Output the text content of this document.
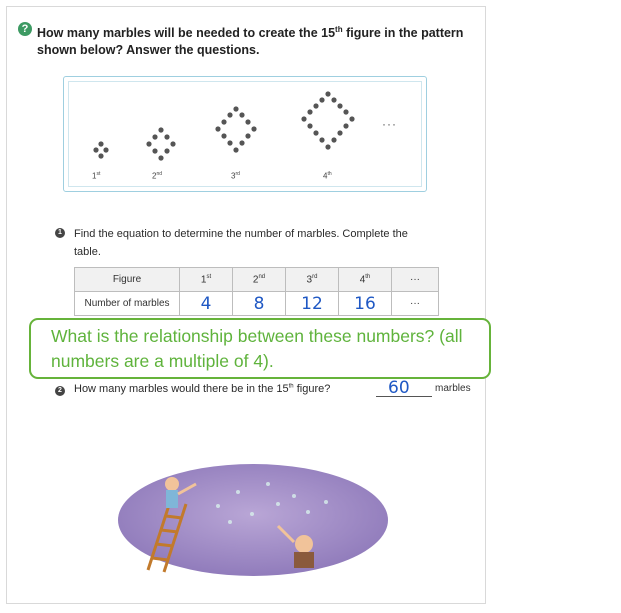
? How many marbles will be needed to create the 15th figure in the pattern shown below? Answer the questions.
1st	2nd	3rd	4th
···
1 Find the equation to determine the number of marbles. Complete the table.
Figure	1st	2nd	3rd	4th	···
Number of marbles	4	8	12	16	···
What is the relationship between these numbers? (all numbers are a multiple of 4).
2 How many marbles would there be in the 15th figure?	60	marbles
